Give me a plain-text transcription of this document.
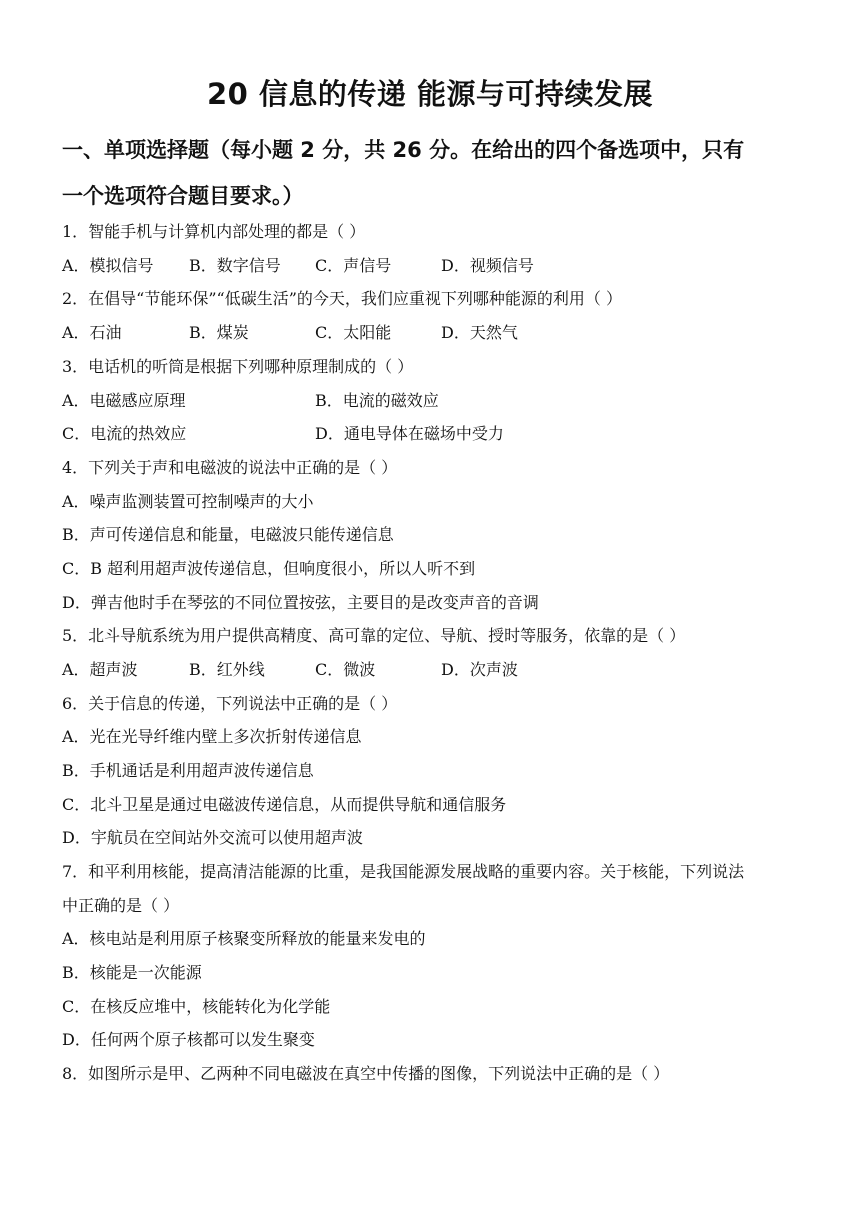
20 信息的传递 能源与可持续发展
一、单项选择题（每小题 2 分，共 26 分。在给出的四个备选项中，只有
一个选项符合题目要求。）
1．智能手机与计算机内部处理的都是（ ）
A．模拟信号 B．数字信号 C．声信号	D．视频信号
2．在倡导“节能环保”“低碳生活”的今天，我们应重视下列哪种能源的利用（ ）
A．石油	B．煤炭	C．太阳能	D．天然气
3．电话机的听筒是根据下列哪种原理制成的（ ）
A．电磁感应原理	B．电流的磁效应
C．电流的热效应	D．通电导体在磁场中受力
4．下列关于声和电磁波的说法中正确的是（ ）
A．噪声监测装置可控制噪声的大小
B．声可传递信息和能量，电磁波只能传递信息
C．B 超利用超声波传递信息，但响度很小，所以人听不到
D．弹吉他时手在琴弦的不同位置按弦，主要目的是改变声音的音调
5．北斗导航系统为用户提供高精度、高可靠的定位、导航、授时等服务，依靠的是（ ）
A．超声波	B．红外线	C．微波	D．次声波
6．关于信息的传递，下列说法中正确的是（ ）
A．光在光导纤维内壁上多次折射传递信息
B．手机通话是利用超声波传递信息
C．北斗卫星是通过电磁波传递信息，从而提供导航和通信服务
D．宇航员在空间站外交流可以使用超声波
7．和平利用核能，提高清洁能源的比重，是我国能源发展战略的重要内容。关于核能，下列说法
中正确的是（ ）
A．核电站是利用原子核聚变所释放的能量来发电的
B．核能是一次能源
C．在核反应堆中，核能转化为化学能
D．任何两个原子核都可以发生聚变
8．如图所示是甲、乙两种不同电磁波在真空中传播的图像，下列说法中正确的是（ ）
